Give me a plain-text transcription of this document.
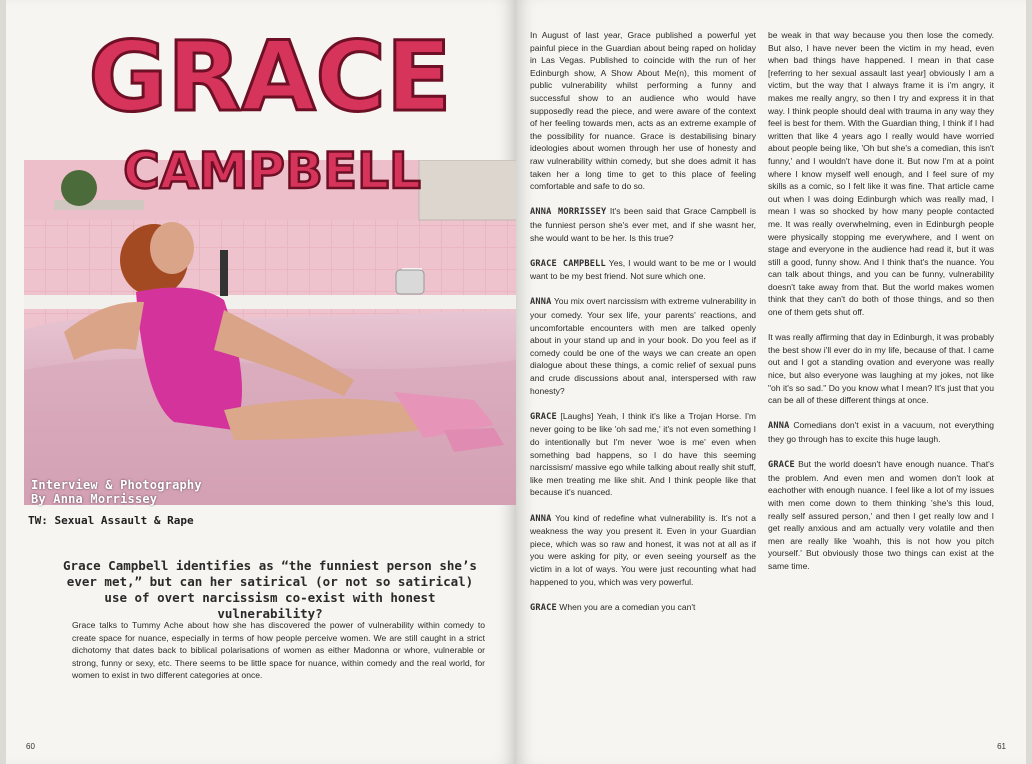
GRACE
CAMPBELL
Interview & Photography
By Anna Morrissey
TW: Sexual Assault & Rape
Grace Campbell identifies as “the funniest person she’s ever met,” but can her satirical (or not so satirical) use of overt narcissism co-exist with honest vulnerability?
Grace talks to Tummy Ache about how she has discovered the power of vulnerability within comedy to create space for nuance, especially in terms of how people perceive women. We are still caught in a strict dichotomy that dates back to biblical polarisations of women as either Madonna or whore, vulnerable or strong, funny or sexy, etc. There seems to be little space for nuance, within comedy and the real world, for women to exist in two different categories at once.
60

In August of last year, Grace published a powerful yet painful piece in the Guardian about being raped on holiday in Las Vegas. Published to coincide with the run of her Edinburgh show, A Show About Me(n), this moment of public vulnerability whilst performing a funny and successful show to an audience who would have supposedly read the piece, and were aware of the context of her feeling towards men, acts as an extreme example of the possibility for nuance. Grace is destabilising binary ideologies about women through her use of honesty and raw vulnerability within comedy, but she does admit it has taken her a long time to get to this place of feeling comfortable and safe to do so.

ANNA MORRISSEY It's been said that Grace Campbell is the funniest person she's ever met, and if she wasnt her, she would want to be her. Is this true?

GRACE CAMPBELL Yes, I would want to be me or I would want to be my best friend. Not sure which one.

ANNA You mix overt narcissism with extreme vulnerability in your comedy. Your sex life, your parents' reactions, and uncomfortable encounters with men are talked openly about in your stand up and in your book. Do you feel as if comedy could be one of the ways we can create an open dialogue about these things, a comic relief of sexual puns and crude discussions about anal, interspersed with raw honesty?

GRACE [Laughs] Yeah, I think it's like a Trojan Horse. I'm never going to be like 'oh sad me,' it's not even something I do intentionally but I'm never 'woe is me' even when something bad happens, so I do have this seeming narcissism/ massive ego while talking about really shit stuff, like men treating me like shit. And I think people like that because it's nuanced.

ANNA You kind of redefine what vulnerability is. It's not a weakness the way you present it. Even in your Guardian piece, which was so raw and honest, it was not at all as if you were asking for pity, or even seeing yourself as the victim in a lot of ways. You were just recounting what had happened to you, which was very powerful.

GRACE When you are a comedian you can't

be weak in that way because you then lose the comedy. But also, I have never been the victim in my head, even when bad things have happened. I mean in that case [referring to her sexual assault last year] obviously I am a victim, but the way that I always frame it is i'm angry, it makes me really angry, so then I try and express it in that way. I think people should deal with trauma in any way they feel is best for them. With the Guardian thing, I think if I had written that like 4 years ago I really would have worried about people being like, 'Oh but she's a comedian, this isn't funny,' and I wouldn't have done it. But now I'm at a point where I know myself well enough, and I feel sure of my skills as a comic, so I felt like it was fine. That article came out when I was doing Edinburgh which was really mad, I mean I was so shocked by how many people contacted me. It was really overwhelming, even in Edinburgh people were physically stopping me everywhere, and I went on stage and everyone in the audience had read it, but it was still a good, funny show. And I think that's the nuance. You can talk about things, and you can be funny, vulnerability doesn't take away from that. But the world makes women think that they can't do both of those things, and so then one of them gets shut off.

It was really affirming that day in Edinburgh, it was probably the best show i'll ever do in my life, because of that. I came out and I got a standing ovation and everyone was really nice, but also everyone was laughing at my jokes, not like "oh it's so sad." Do you know what I mean? It's just that you can be all of these different things at once.

ANNA Comedians don't exist in a vacuum, not everything they go through has to excite this huge laugh.

GRACE But the world doesn't have enough nuance. That's the problem. And even men and women don't look at eachother with enough nuance. I feel like a lot of my issues with men come down to them thinking 'she's this loud, really self assured person,' and then I get really low and I get really anxious and am actually very volatile and then men are really like 'woahh, this is not how you pitch yourself.' But obviously those two things can exist at the same time.

61
